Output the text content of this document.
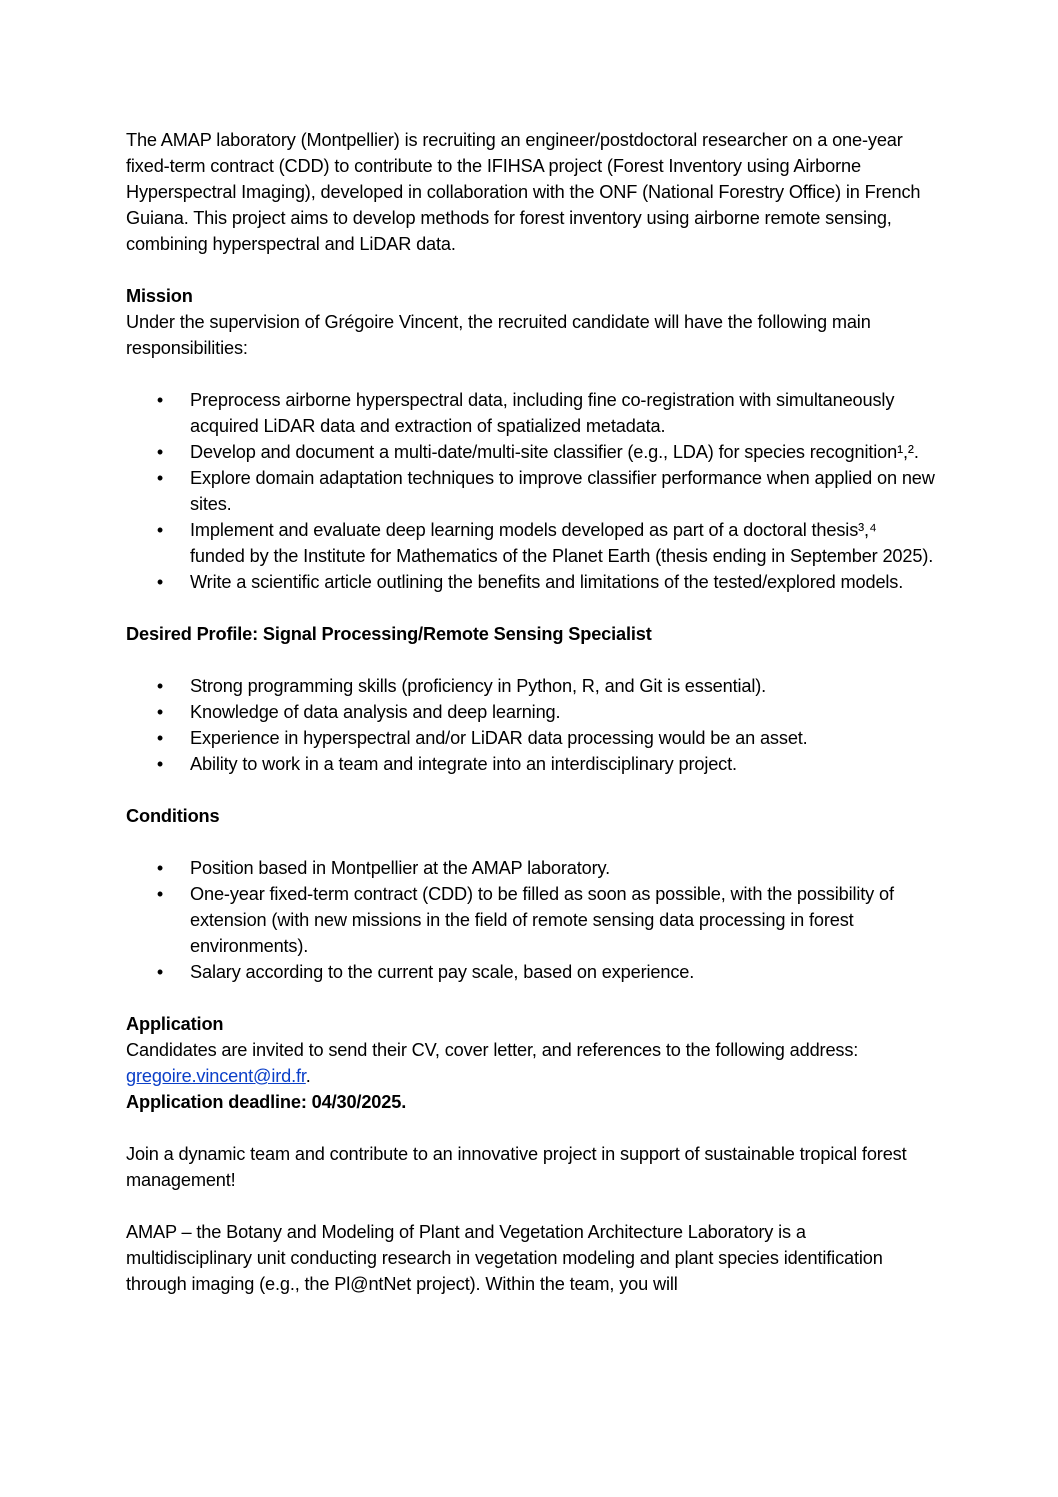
The AMAP laboratory (Montpellier) is recruiting an engineer/postdoctoral researcher on a one-year fixed-term contract (CDD) to contribute to the IFIHSA project (Forest Inventory using Airborne Hyperspectral Imaging), developed in collaboration with the ONF (National Forestry Office) in French Guiana. This project aims to develop methods for forest inventory using airborne remote sensing, combining hyperspectral and LiDAR data.

Mission

Under the supervision of Grégoire Vincent, the recruited candidate will have the following main responsibilities:

• Preprocess airborne hyperspectral data, including fine co-registration with simultaneously acquired LiDAR data and extraction of spatialized metadata.
• Develop and document a multi-date/multi-site classifier (e.g., LDA) for species recognition¹,².
• Explore domain adaptation techniques to improve classifier performance when applied on new sites.
• Implement and evaluate deep learning models developed as part of a doctoral thesis³,⁴ funded by the Institute for Mathematics of the Planet Earth (thesis ending in September 2025).
• Write a scientific article outlining the benefits and limitations of the tested/explored models.

Desired Profile: Signal Processing/Remote Sensing Specialist

• Strong programming skills (proficiency in Python, R, and Git is essential).
• Knowledge of data analysis and deep learning.
• Experience in hyperspectral and/or LiDAR data processing would be an asset.
• Ability to work in a team and integrate into an interdisciplinary project.

Conditions

• Position based in Montpellier at the AMAP laboratory.
• One-year fixed-term contract (CDD) to be filled as soon as possible, with the possibility of extension (with new missions in the field of remote sensing data processing in forest environments).
• Salary according to the current pay scale, based on experience.

Application

Candidates are invited to send their CV, cover letter, and references to the following address: gregoire.vincent@ird.fr.

Application deadline: 04/30/2025.

Join a dynamic team and contribute to an innovative project in support of sustainable tropical forest management!

AMAP – the Botany and Modeling of Plant and Vegetation Architecture Laboratory is a multidisciplinary unit conducting research in vegetation modeling and plant species identification through imaging (e.g., the Pl@ntNet project). Within the team, you will
